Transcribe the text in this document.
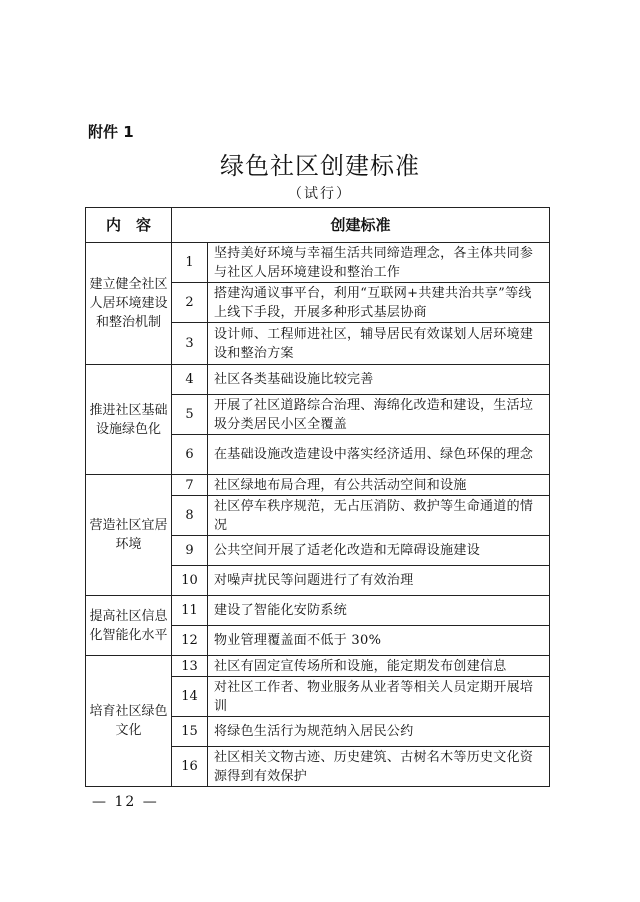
附件 1
绿色社区创建标准
（试行）
内　容	创建标准	
建立健全社区人居环境建设和整治机制	1	坚持美好环境与幸福生活共同缔造理念，各主体共同参与社区人居环境建设和整治工作
	2	搭建沟通议事平台，利用“互联网+共建共治共享”等线上线下手段，开展多种形式基层协商
	3	设计师、工程师进社区，辅导居民有效谋划人居环境建设和整治方案
推进社区基础设施绿色化	4	社区各类基础设施比较完善
	5	开展了社区道路综合治理、海绵化改造和建设，生活垃圾分类居民小区全覆盖
	6	在基础设施改造建设中落实经济适用、绿色环保的理念
营造社区宜居环境	7	社区绿地布局合理，有公共活动空间和设施
	8	社区停车秩序规范，无占压消防、救护等生命通道的情况
	9	公共空间开展了适老化改造和无障碍设施建设
	10	对噪声扰民等问题进行了有效治理
提高社区信息化智能化水平	11	建设了智能化安防系统
	12	物业管理覆盖面不低于 30%
培育社区绿色文化	13	社区有固定宣传场所和设施，能定期发布创建信息
	14	对社区工作者、物业服务从业者等相关人员定期开展培训
	15	将绿色生活行为规范纳入居民公约
	16	社区相关文物古迹、历史建筑、古树名木等历史文化资源得到有效保护
— 12 —
